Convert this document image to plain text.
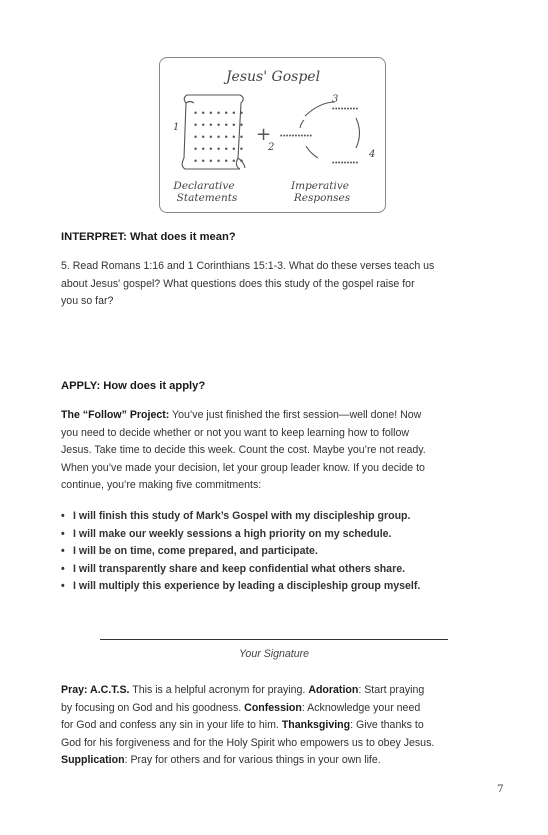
Jesus' Gospel
• • • • • • •
• • • • • • •
• • • • • • •
• • • • • • •
• • • • • • •
1	+ •••••••••••
•••••••••
•••••••••
2
3
4
Declarative
Statements
Imperative
Responses
INTERPRET: What does it mean?
5. Read Romans 1:16 and 1 Corinthians 15:1-3. What do these verses teach us
about Jesus' gospel? What questions does this study of the gospel raise for
you so far?
APPLY: How does it apply?
The “Follow” Project: You’ve just finished the first session—well done! Now
you need to decide whether or not you want to keep learning how to follow
Jesus. Take time to decide this week. Count the cost. Maybe you’re not ready.
When you’ve made your decision, let your group leader know. If you decide to
continue, you’re making five commitments:
• I will finish this study of Mark’s Gospel with my discipleship group.
• I will make our weekly sessions a high priority on my schedule.
• I will be on time, come prepared, and participate.
• I will transparently share and keep confidential what others share.
• I will multiply this experience by leading a discipleship group myself.
Your Signature
Pray: A.C.T.S. This is a helpful acronym for praying. Adoration: Start praying
by focusing on God and his goodness. Confession: Acknowledge your need
for God and confess any sin in your life to him. Thanksgiving: Give thanks to
God for his forgiveness and for the Holy Spirit who empowers us to obey Jesus.
Supplication: Pray for others and for various things in your own life.
7
